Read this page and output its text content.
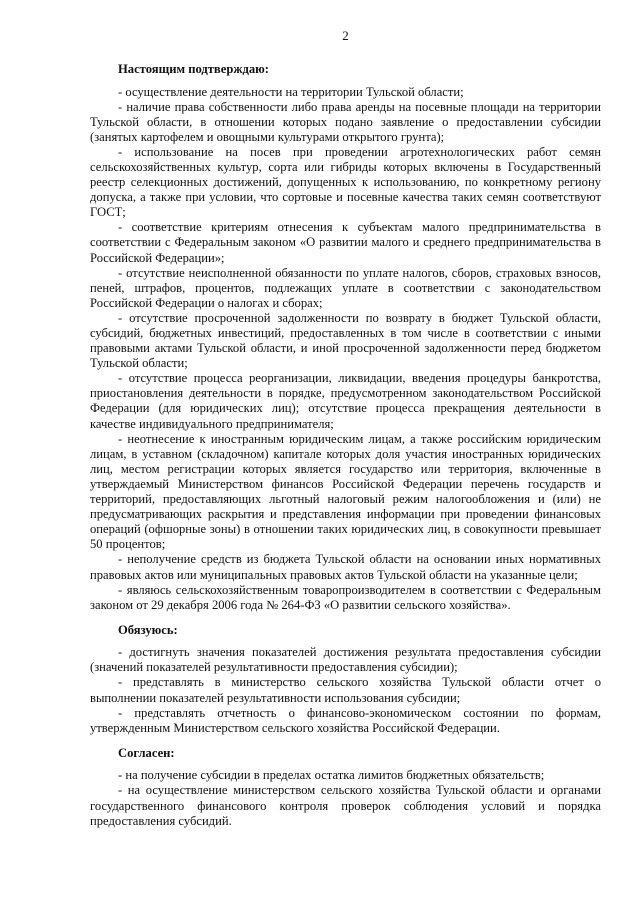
2
Настоящим подтверждаю:

- осуществление деятельности на территории Тульской области;

- наличие права собственности либо права аренды на посевные площади на территории Тульской области, в отношении которых подано заявление о предоставлении субсидии (занятых картофелем и овощными культурами открытого грунта);

- использование на посев при проведении агротехнологических работ семян сельскохозяйственных культур, сорта или гибриды которых включены в Государственный реестр селекционных достижений, допущенных к использованию, по конкретному региону допуска, а также при условии, что сортовые и посевные качества таких семян соответствуют ГОСТ;

- соответствие критериям отнесения к субъектам малого предпринимательства в соответствии с Федеральным законом «О развитии малого и среднего предпринимательства в Российской Федерации»;

- отсутствие неисполненной обязанности по уплате налогов, сборов, страховых взносов, пеней, штрафов, процентов, подлежащих уплате в соответствии с законодательством Российской Федерации о налогах и сборах;

- отсутствие просроченной задолженности по возврату в бюджет Тульской области, субсидий, бюджетных инвестиций, предоставленных в том числе в соответствии с иными правовыми актами Тульской области, и иной просроченной задолженности перед бюджетом Тульской области;

- отсутствие процесса реорганизации, ликвидации, введения процедуры банкротства, приостановления деятельности в порядке, предусмотренном законодательством Российской Федерации (для юридических лиц); отсутствие процесса прекращения деятельности в качестве индивидуального предпринимателя;

- неотнесение к иностранным юридическим лицам, а также российским юридическим лицам, в уставном (складочном) капитале которых доля участия иностранных юридических лиц, местом регистрации которых является государство или территория, включенные в утверждаемый Министерством финансов Российской Федерации перечень государств и территорий, предоставляющих льготный налоговый режим налогообложения и (или) не предусматривающих раскрытия и представления информации при проведении финансовых операций (офшорные зоны) в отношении таких юридических лиц, в совокупности превышает 50 процентов;

- неполучение средств из бюджета Тульской области на основании иных нормативных правовых актов или муниципальных правовых актов Тульской области на указанные цели;

- являюсь сельскохозяйственным товаропроизводителем в соответствии с Федеральным законом от 29 декабря 2006 года № 264-ФЗ «О развитии сельского хозяйства».

Обязуюсь:

- достигнуть значения показателей достижения результата предоставления субсидии (значений показателей результативности предоставления субсидии);

- представлять в министерство сельского хозяйства Тульской области отчет о выполнении показателей результативности использования субсидии;

- представлять отчетность о финансово-экономическом состоянии по формам, утвержденным Министерством сельского хозяйства Российской Федерации.

Согласен:

- на получение субсидии в пределах остатка лимитов бюджетных обязательств;

- на осуществление министерством сельского хозяйства Тульской области и органами государственного финансового контроля проверок соблюдения условий и порядка предоставления субсидий.
